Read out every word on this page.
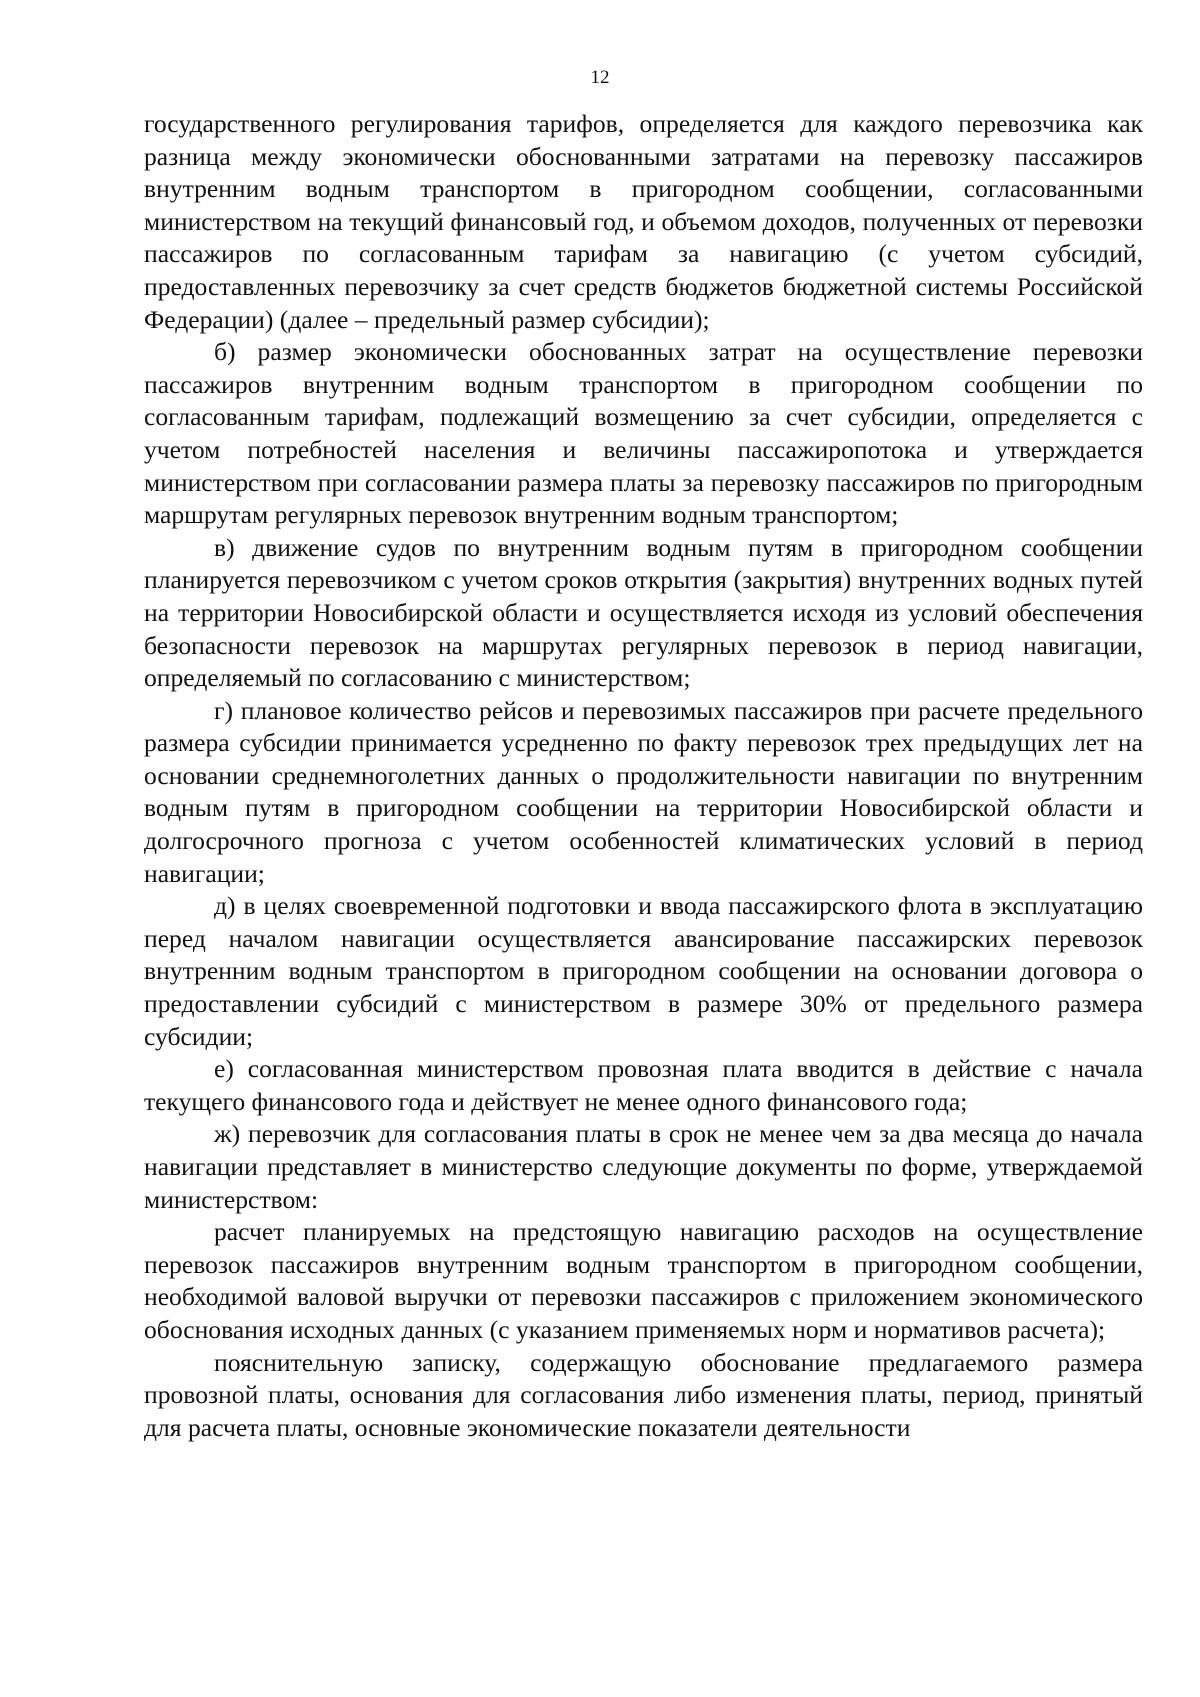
12

государственного регулирования тарифов, определяется для каждого перевозчика как разница между экономически обоснованными затратами на перевозку пассажиров внутренним водным транспортом в пригородном сообщении, согласованными министерством на текущий финансовый год, и объемом доходов, полученных от перевозки пассажиров по согласованным тарифам за навигацию (с учетом субсидий, предоставленных перевозчику за счет средств бюджетов бюджетной системы Российской Федерации) (далее – предельный размер субсидии);

б) размер экономически обоснованных затрат на осуществление перевозки пассажиров внутренним водным транспортом в пригородном сообщении по согласованным тарифам, подлежащий возмещению за счет субсидии, определяется с учетом потребностей населения и величины пассажиропотока и утверждается министерством при согласовании размера платы за перевозку пассажиров по пригородным маршрутам регулярных перевозок внутренним водным транспортом;

в) движение судов по внутренним водным путям в пригородном сообщении планируется перевозчиком с учетом сроков открытия (закрытия) внутренних водных путей на территории Новосибирской области и осуществляется исходя из условий обеспечения безопасности перевозок на маршрутах регулярных перевозок в период навигации, определяемый по согласованию с министерством;

г) плановое количество рейсов и перевозимых пассажиров при расчете предельного размера субсидии принимается усредненно по факту перевозок трех предыдущих лет на основании среднемноголетних данных о продолжительности навигации по внутренним водным путям в пригородном сообщении на территории Новосибирской области и долгосрочного прогноза с учетом особенностей климатических условий в период навигации;

д) в целях своевременной подготовки и ввода пассажирского флота в эксплуатацию перед началом навигации осуществляется авансирование пассажирских перевозок внутренним водным транспортом в пригородном сообщении на основании договора о предоставлении субсидий с министерством в размере 30% от предельного размера субсидии;

е) согласованная министерством провозная плата вводится в действие с начала текущего финансового года и действует не менее одного финансового года;

ж) перевозчик для согласования платы в срок не менее чем за два месяца до начала навигации представляет в министерство следующие документы по форме, утверждаемой министерством:

расчет планируемых на предстоящую навигацию расходов на осуществление перевозок пассажиров внутренним водным транспортом в пригородном сообщении, необходимой валовой выручки от перевозки пассажиров с приложением экономического обоснования исходных данных (с указанием применяемых норм и нормативов расчета);

пояснительную записку, содержащую обоснование предлагаемого размера провозной платы, основания для согласования либо изменения платы, период, принятый для расчета платы, основные экономические показатели деятельности
